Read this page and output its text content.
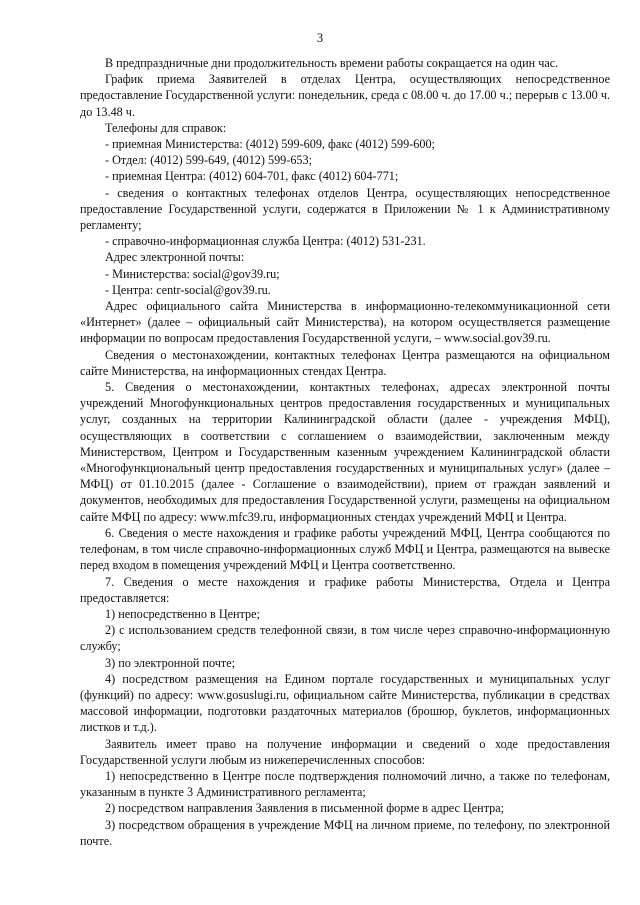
3

В предпраздничные дни продолжительность времени работы сокращается на один час.

График приема Заявителей в отделах Центра, осуществляющих непосредственное предоставление Государственной услуги: понедельник, среда с 08.00 ч. до 17.00 ч.; перерыв с 13.00 ч. до 13.48 ч.

Телефоны для справок:

- приемная Министерства: (4012) 599-609, факс (4012) 599-600;

- Отдел: (4012) 599-649, (4012) 599-653;

- приемная Центра: (4012) 604-701, факс (4012) 604-771;

- сведения о контактных телефонах отделов Центра, осуществляющих непосредственное предоставление Государственной услуги, содержатся в Приложении № 1 к Административному регламенту;

- справочно-информационная служба Центра: (4012) 531-231.

Адрес электронной почты:

- Министерства: social@gov39.ru;

- Центра: centr-social@gov39.ru.

Адрес официального сайта Министерства в информационно-телекоммуникационной сети «Интернет» (далее – официальный сайт Министерства), на котором осуществляется размещение информации по вопросам предоставления Государственной услуги, – www.social.gov39.ru.

Сведения о местонахождении, контактных телефонах Центра размещаются на официальном сайте Министерства, на информационных стендах Центра.

5. Сведения о местонахождении, контактных телефонах, адресах электронной почты учреждений Многофункциональных центров предоставления государственных и муниципальных услуг, созданных на территории Калининградской области (далее - учреждения МФЦ), осуществляющих в соответствии с соглашением о взаимодействии, заключенным между Министерством, Центром и Государственным казенным учреждением Калининградской области «Многофункциональный центр предоставления государственных и муниципальных услуг» (далее – МФЦ) от 01.10.2015 (далее - Соглашение о взаимодействии), прием от граждан заявлений и документов, необходимых для предоставления Государственной услуги, размещены на официальном сайте МФЦ по адресу: www.mfc39.ru, информационных стендах учреждений МФЦ и Центра.

6. Сведения о месте нахождения и графике работы учреждений МФЦ, Центра сообщаются по телефонам, в том числе справочно-информационных служб МФЦ и Центра, размещаются на вывеске перед входом в помещения учреждений МФЦ и Центра соответственно.

7. Сведения о месте нахождения и графике работы Министерства, Отдела и Центра предоставляется:

1) непосредственно в Центре;

2) с использованием средств телефонной связи, в том числе через справочно-информационную службу;

3) по электронной почте;

4) посредством размещения на Едином портале государственных и муниципальных услуг (функций) по адресу: www.gosuslugi.ru, официальном сайте Министерства, публикации в средствах массовой информации, подготовки раздаточных материалов (брошюр, буклетов, информационных листков и т.д.).

Заявитель имеет право на получение информации и сведений о ходе предоставления Государственной услуги любым из нижеперечисленных способов:

1) непосредственно в Центре после подтверждения полномочий лично, а также по телефонам, указанным в пункте 3 Административного регламента;

2) посредством направления Заявления в письменной форме в адрес Центра;

3) посредством обращения в учреждение МФЦ на личном приеме, по телефону, по электронной почте.
